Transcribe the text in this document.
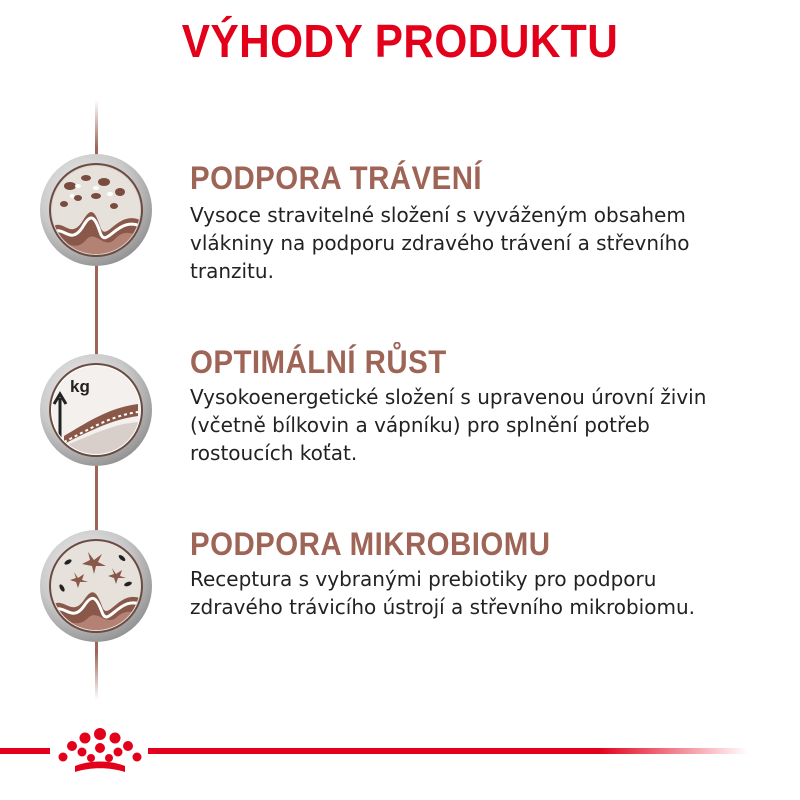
VÝHODY PRODUKTU
PODPORA TRÁVENÍ
Vysoce stravitelné složení s vyváženým obsahem vlákniny na podporu zdravého trávení a střevního tranzitu.
kg
OPTIMÁLNÍ RŮST
Vysokoenergetické složení s upravenou úrovní živin (včetně bílkovin a vápníku) pro splnění potřeb rostoucích koťat.
PODPORA MIKROBIOMU
Receptura s vybranými prebiotiky pro podporu zdravého trávicího ústrojí a střevního mikrobiomu.
